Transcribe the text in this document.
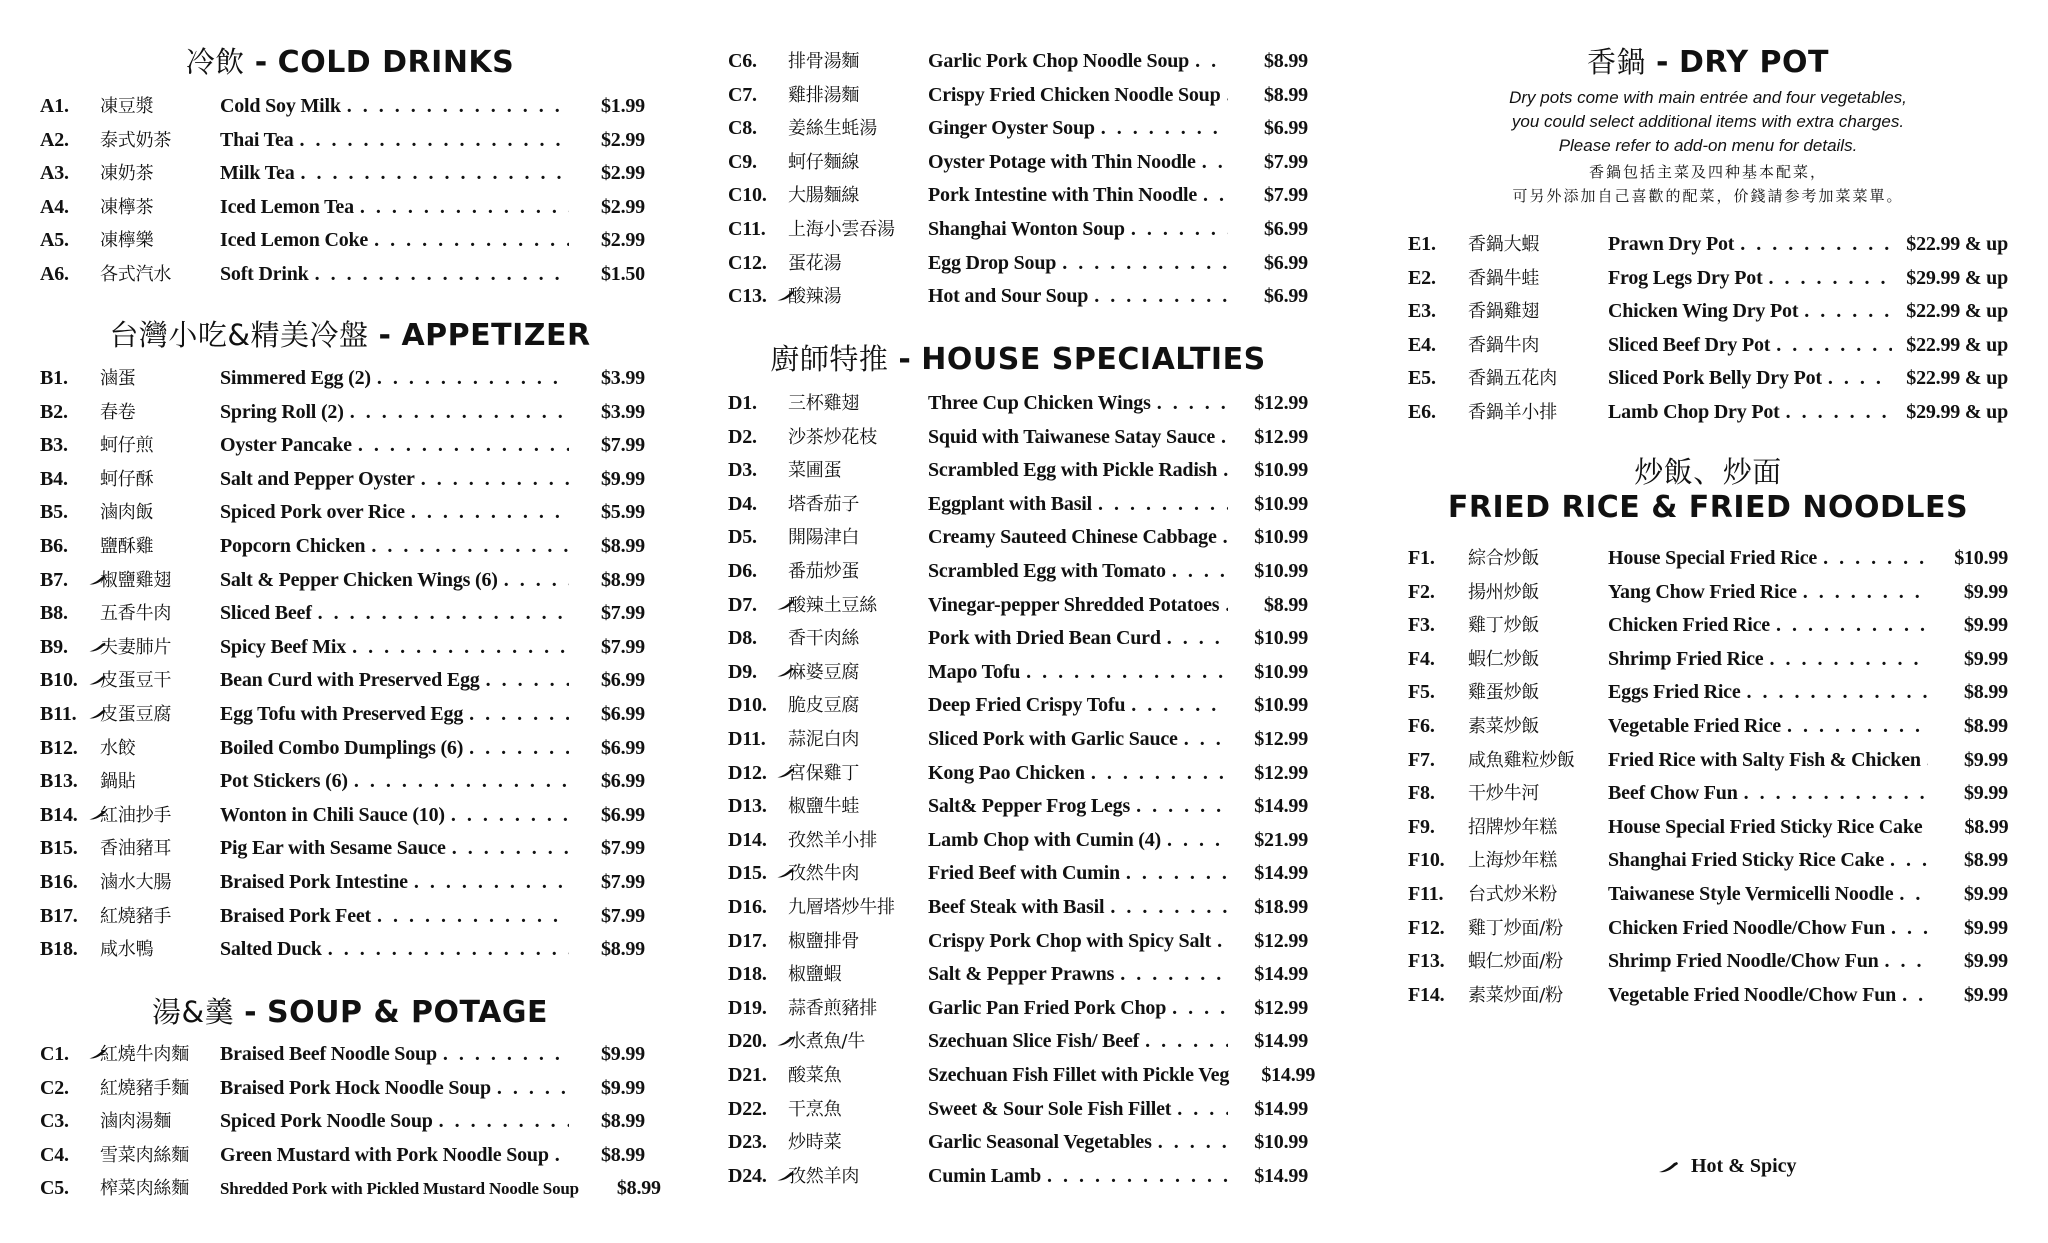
冷飲 - COLD DRINKS
台灣小吃&精美冷盤 - APPETIZER
湯&羹 - SOUP & POTAGE
A1.	凍豆漿	Cold Soy Milk . . .	$1.99
A2.	泰式奶茶	Thai Tea . . .	$2.99
A3.	凍奶茶	Milk Tea . . .	$2.99
A4.	凍檸茶	Iced Lemon Tea . . .	$2.99
A5.	凍檸樂	Iced Lemon Coke . . .	$2.99
A6.	各式汽水	Soft Drink . . .	$1.50
B1.	滷蛋	Simmered Egg (2) . . .	$3.99
B2.	春卷	Spring Roll (2) . . .	$3.99
B3.	蚵仔煎	Oyster Pancake . . .	$7.99
B4.	蚵仔酥	Salt and Pepper Oyster . . .	$9.99
B5.	滷肉飯	Spiced Pork over Rice . . .	$5.99
B6.	鹽酥雞	Popcorn Chicken . . .	$8.99
B7.	椒鹽雞翅	Salt & Pepper Chicken Wings (6) . . .	$8.99
B8.	五香牛肉	Sliced Beef . . .	$7.99
B9.	夫妻肺片	Spicy Beef Mix . . .	$7.99
B10.	皮蛋豆干	Bean Curd with Preserved Egg . . .	$6.99
B11.	皮蛋豆腐	Egg Tofu with Preserved Egg . . .	$6.99
B12.	水餃	Boiled Combo Dumplings (6) . . .	$6.99
B13.	鍋貼	Pot Stickers (6) . . .	$6.99
B14.	紅油抄手	Wonton in Chili Sauce (10) . . .	$6.99
B15.	香油豬耳	Pig Ear with Sesame Sauce . . .	$7.99
B16.	滷水大腸	Braised Pork Intestine . . .	$7.99
B17.	紅燒豬手	Braised Pork Feet . . .	$7.99
B18.	咸水鴨	Salted Duck . . .	$8.99
C1.	紅燒牛肉麵	Braised Beef Noodle Soup . . .	$9.99
C2.	紅燒豬手麵	Braised Pork Hock Noodle Soup . . .	$9.99
C3.	滷肉湯麵	Spiced Pork Noodle Soup . . .	$8.99
C4.	雪菜肉絲麵	Green Mustard with Pork Noodle Soup . . .	$8.99
C5.	榨菜肉絲麵	Shredded Pork with Pickled Mustard Noodle Soup	$8.99
廚師特推 - HOUSE SPECIALTIES
C6.	排骨湯麵	Garlic Pork Chop Noodle Soup . . .	$8.99
C7.	雞排湯麵	Crispy Fried Chicken Noodle Soup . . .	$8.99
C8.	姜絲生蚝湯	Ginger Oyster Soup . . .	$6.99
C9.	蚵仔麵線	Oyster Potage with Thin Noodle . . .	$7.99
C10.	大腸麵線	Pork Intestine with Thin Noodle . . .	$7.99
C11.	上海小雲吞湯	Shanghai Wonton Soup . . .	$6.99
C12.	蛋花湯	Egg Drop Soup . . .	$6.99
C13.	酸辣湯	Hot and Sour Soup . . .	$6.99
D1.	三杯雞翅	Three Cup Chicken Wings . . .	$12.99
D2.	沙茶炒花枝	Squid with Taiwanese Satay Sauce . . .	$12.99
D3.	菜圃蛋	Scrambled Egg with Pickle Radish . . .	$10.99
D4.	塔香茄子	Eggplant with Basil . . .	$10.99
D5.	開陽津白	Creamy Sauteed Chinese Cabbage . . .	$10.99
D6.	番茄炒蛋	Scrambled Egg with Tomato . . .	$10.99
D7.	酸辣土豆絲	Vinegar-pepper Shredded Potatoes . . .	$8.99
D8.	香干肉絲	Pork with Dried Bean Curd . . .	$10.99
D9.	麻婆豆腐	Mapo Tofu . . .	$10.99
D10.	脆皮豆腐	Deep Fried Crispy Tofu . . .	$10.99
D11.	蒜泥白肉	Sliced Pork with Garlic Sauce . . .	$12.99
D12.	宮保雞丁	Kong Pao Chicken . . .	$12.99
D13.	椒鹽牛蛙	Salt& Pepper Frog Legs . . .	$14.99
D14.	孜然羊小排	Lamb Chop with Cumin (4) . . .	$21.99
D15.	孜然牛肉	Fried Beef with Cumin . . .	$14.99
D16.	九層塔炒牛排	Beef Steak with Basil . . .	$18.99
D17.	椒鹽排骨	Crispy Pork Chop with Spicy Salt . . .	$12.99
D18.	椒鹽蝦	Salt & Pepper Prawns . . .	$14.99
D19.	蒜香煎豬排	Garlic Pan Fried Pork Chop . . .	$12.99
D20.	水煮魚/牛	Szechuan Slice Fish/ Beef . . .	$14.99
D21.	酸菜魚	Szechuan Fish Fillet with Pickle Veg	$14.99
D22.	干烹魚	Sweet & Sour Sole Fish Fillet . . .	$14.99
D23.	炒時菜	Garlic Seasonal Vegetables . . .	$10.99
D24.	孜然羊肉	Cumin Lamb . . .	$14.99
香鍋 - DRY POT
Dry pots come with main entrée and four vegetables,
you could select additional items with extra charges.
Please refer to add-on menu for details.
香鍋包括主菜及四种基本配菜，
可另外添加自己喜歡的配菜，价錢請参考加菜菜單。
炒飯、炒面
FRIED RICE & FRIED NOODLES
Hot & Spicy
E1.	香鍋大蝦	Prawn Dry Pot . . .	$22.99 & up
E2.	香鍋牛蛙	Frog Legs Dry Pot . . .	$29.99 & up
E3.	香鍋雞翅	Chicken Wing Dry Pot . . .	$22.99 & up
E4.	香鍋牛肉	Sliced Beef Dry Pot . . .	$22.99 & up
E5.	香鍋五花肉	Sliced Pork Belly Dry Pot . . .	$22.99 & up
E6.	香鍋羊小排	Lamb Chop Dry Pot . . .	$29.99 & up
F1.	綜合炒飯	House Special Fried Rice . . .	$10.99
F2.	揚州炒飯	Yang Chow Fried Rice . . .	$9.99
F3.	雞丁炒飯	Chicken Fried Rice . . .	$9.99
F4.	蝦仁炒飯	Shrimp Fried Rice . . .	$9.99
F5.	雞蛋炒飯	Eggs Fried Rice . . .	$8.99
F6.	素菜炒飯	Vegetable Fried Rice . . .	$8.99
F7.	咸魚雞粒炒飯	Fried Rice with Salty Fish & Chicken . . .	$9.99
F8.	干炒牛河	Beef Chow Fun . . .	$9.99
F9.	招牌炒年糕	House Special Fried Sticky Rice Cake	$8.99
F10.	上海炒年糕	Shanghai Fried Sticky Rice Cake . . .	$8.99
F11.	台式炒米粉	Taiwanese Style Vermicelli Noodle . . .	$9.99
F12.	雞丁炒面/粉	Chicken Fried Noodle/Chow Fun . . .	$9.99
F13.	蝦仁炒面/粉	Shrimp Fried Noodle/Chow Fun . . .	$9.99
F14.	素菜炒面/粉	Vegetable Fried Noodle/Chow Fun . . .	$9.99
